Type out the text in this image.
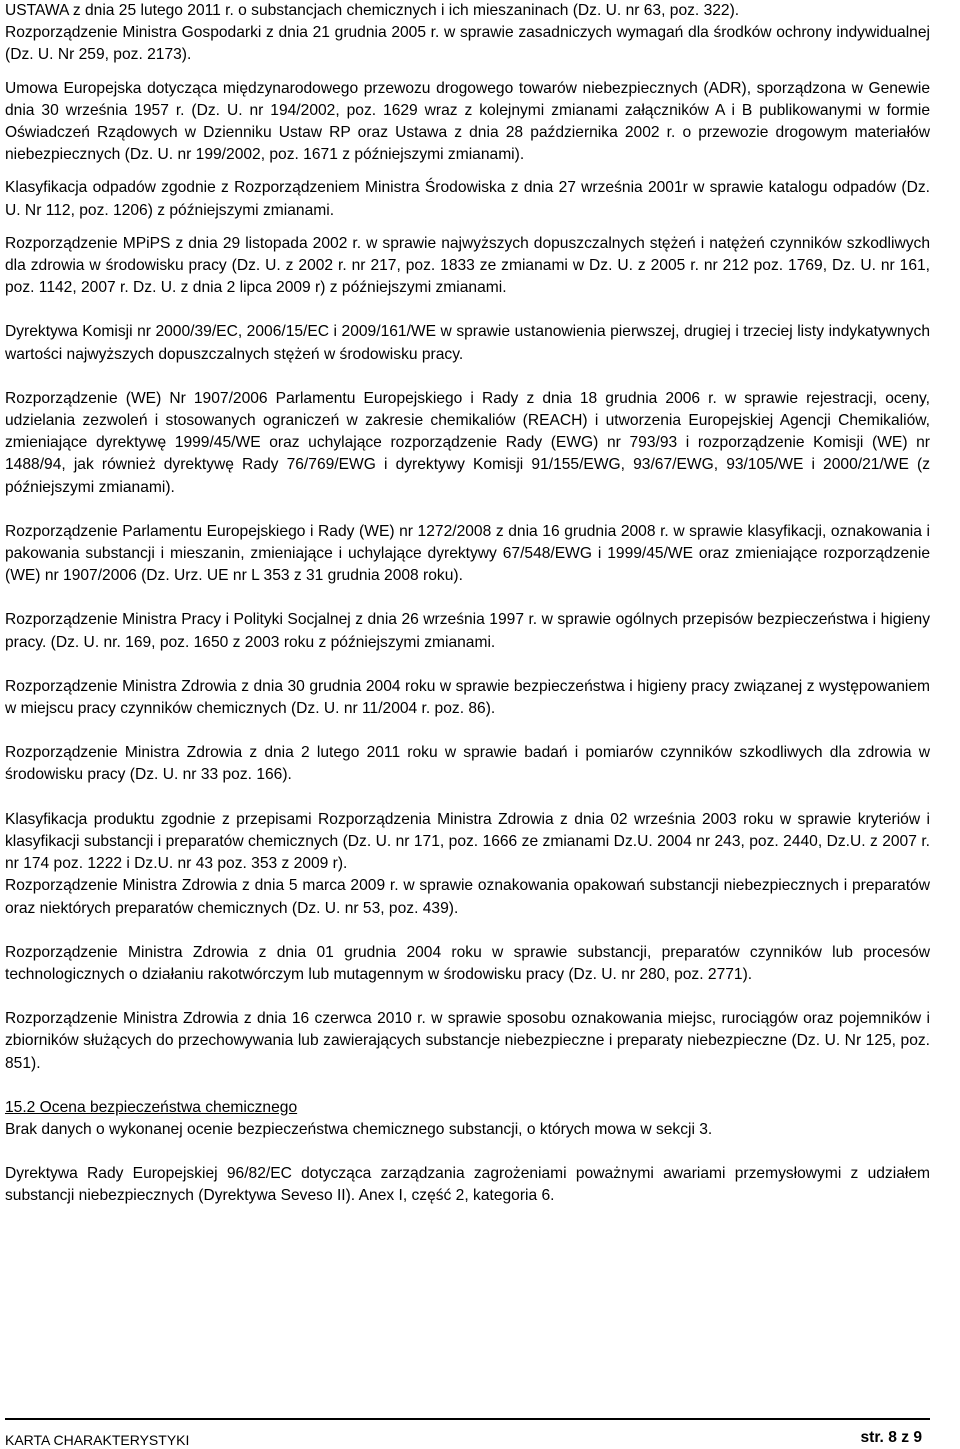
USTAWA z dnia 25 lutego 2011 r. o substancjach chemicznych i ich mieszaninach (Dz. U. nr 63, poz. 322).

Rozporządzenie Ministra Gospodarki z dnia 21 grudnia 2005 r. w sprawie zasadniczych wymagań dla środków ochrony indywidualnej (Dz. U. Nr 259, poz. 2173).

Umowa Europejska dotycząca międzynarodowego przewozu drogowego towarów niebezpiecznych (ADR), sporządzona w Genewie dnia 30 września 1957 r. (Dz. U. nr 194/2002, poz. 1629 wraz z kolejnymi zmianami załączników A i B publikowanymi w formie Oświadczeń Rządowych w Dzienniku Ustaw RP oraz Ustawa z dnia 28 października 2002 r. o przewozie drogowym materiałów niebezpiecznych (Dz. U. nr 199/2002, poz. 1671 z późniejszymi zmianami).

Klasyfikacja odpadów zgodnie z Rozporządzeniem Ministra Środowiska z dnia 27 września 2001r w sprawie katalogu odpadów (Dz. U. Nr 112, poz. 1206) z późniejszymi zmianami.

Rozporządzenie MPiPS z dnia 29 listopada 2002 r. w sprawie najwyższych dopuszczalnych stężeń i natężeń czynników szkodliwych dla zdrowia w środowisku pracy (Dz. U. z 2002 r. nr 217, poz. 1833 ze zmianami w Dz. U. z 2005 r. nr 212 poz. 1769, Dz. U. nr 161, poz. 1142, 2007 r. Dz. U. z dnia 2 lipca 2009 r) z późniejszymi zmianami.

Dyrektywa Komisji nr 2000/39/EC, 2006/15/EC i 2009/161/WE w sprawie ustanowienia pierwszej, drugiej i trzeciej listy indykatywnych wartości najwyższych dopuszczalnych stężeń w środowisku pracy.

Rozporządzenie (WE) Nr 1907/2006 Parlamentu Europejskiego i Rady z dnia 18 grudnia 2006 r. w sprawie rejestracji, oceny, udzielania zezwoleń i stosowanych ograniczeń w zakresie chemikaliów (REACH) i utworzenia Europejskiej Agencji Chemikaliów, zmieniające dyrektywę 1999/45/WE oraz uchylające rozporządzenie Rady (EWG) nr 793/93 i rozporządzenie Komisji (WE) nr 1488/94, jak również dyrektywę Rady 76/769/EWG i dyrektywy Komisji 91/155/EWG, 93/67/EWG, 93/105/WE i 2000/21/WE (z późniejszymi zmianami).

Rozporządzenie Parlamentu Europejskiego i Rady (WE) nr 1272/2008 z dnia 16 grudnia 2008 r. w sprawie klasyfikacji, oznakowania i pakowania substancji i mieszanin, zmieniające i uchylające dyrektywy 67/548/EWG i 1999/45/WE oraz zmieniające rozporządzenie (WE) nr 1907/2006 (Dz. Urz. UE nr L 353 z 31 grudnia 2008 roku).

Rozporządzenie Ministra Pracy i Polityki Socjalnej z dnia 26 września 1997 r. w sprawie ogólnych przepisów bezpieczeństwa i higieny pracy. (Dz. U. nr. 169, poz. 1650 z 2003 roku z późniejszymi zmianami.

Rozporządzenie Ministra Zdrowia z dnia 30 grudnia 2004 roku w sprawie bezpieczeństwa i higieny pracy związanej z występowaniem w miejscu pracy czynników chemicznych (Dz. U. nr 11/2004 r. poz. 86).

Rozporządzenie Ministra Zdrowia z dnia 2 lutego 2011 roku w sprawie badań i pomiarów czynników szkodliwych dla zdrowia w środowisku pracy (Dz. U. nr 33 poz. 166).

Klasyfikacja produktu zgodnie z przepisami Rozporządzenia Ministra Zdrowia z dnia 02 września 2003 roku w sprawie kryteriów i klasyfikacji substancji i preparatów chemicznych (Dz. U. nr 171, poz. 1666 ze zmianami Dz.U. 2004 nr 243, poz. 2440, Dz.U. z 2007 r. nr 174 poz. 1222 i Dz.U. nr 43 poz. 353 z 2009 r).

Rozporządzenie Ministra Zdrowia z dnia 5 marca 2009 r. w sprawie oznakowania opakowań substancji niebezpiecznych i preparatów oraz niektórych preparatów chemicznych (Dz. U. nr 53, poz. 439).

Rozporządzenie Ministra Zdrowia z dnia 01 grudnia 2004 roku w sprawie substancji, preparatów czynników lub procesów technologicznych o działaniu rakotwórczym lub mutagennym w środowisku pracy (Dz. U. nr 280, poz. 2771).

Rozporządzenie Ministra Zdrowia z dnia 16 czerwca 2010 r. w sprawie sposobu oznakowania miejsc, rurociągów oraz pojemników i zbiorników służących do przechowywania lub zawierających substancje niebezpieczne i preparaty niebezpieczne (Dz. U. Nr 125, poz. 851).

15.2 Ocena bezpieczeństwa chemicznego

Brak danych o wykonanej ocenie bezpieczeństwa chemicznego substancji, o których mowa w sekcji 3.

Dyrektywa Rady Europejskiej 96/82/EC dotycząca zarządzania zagrożeniami poważnymi awariami przemysłowymi z udziałem substancji niebezpiecznych (Dyrektywa Seveso II). Anex I, część 2, kategoria 6.

KARTA CHARAKTERYSTYKI	str. 8 z 9
